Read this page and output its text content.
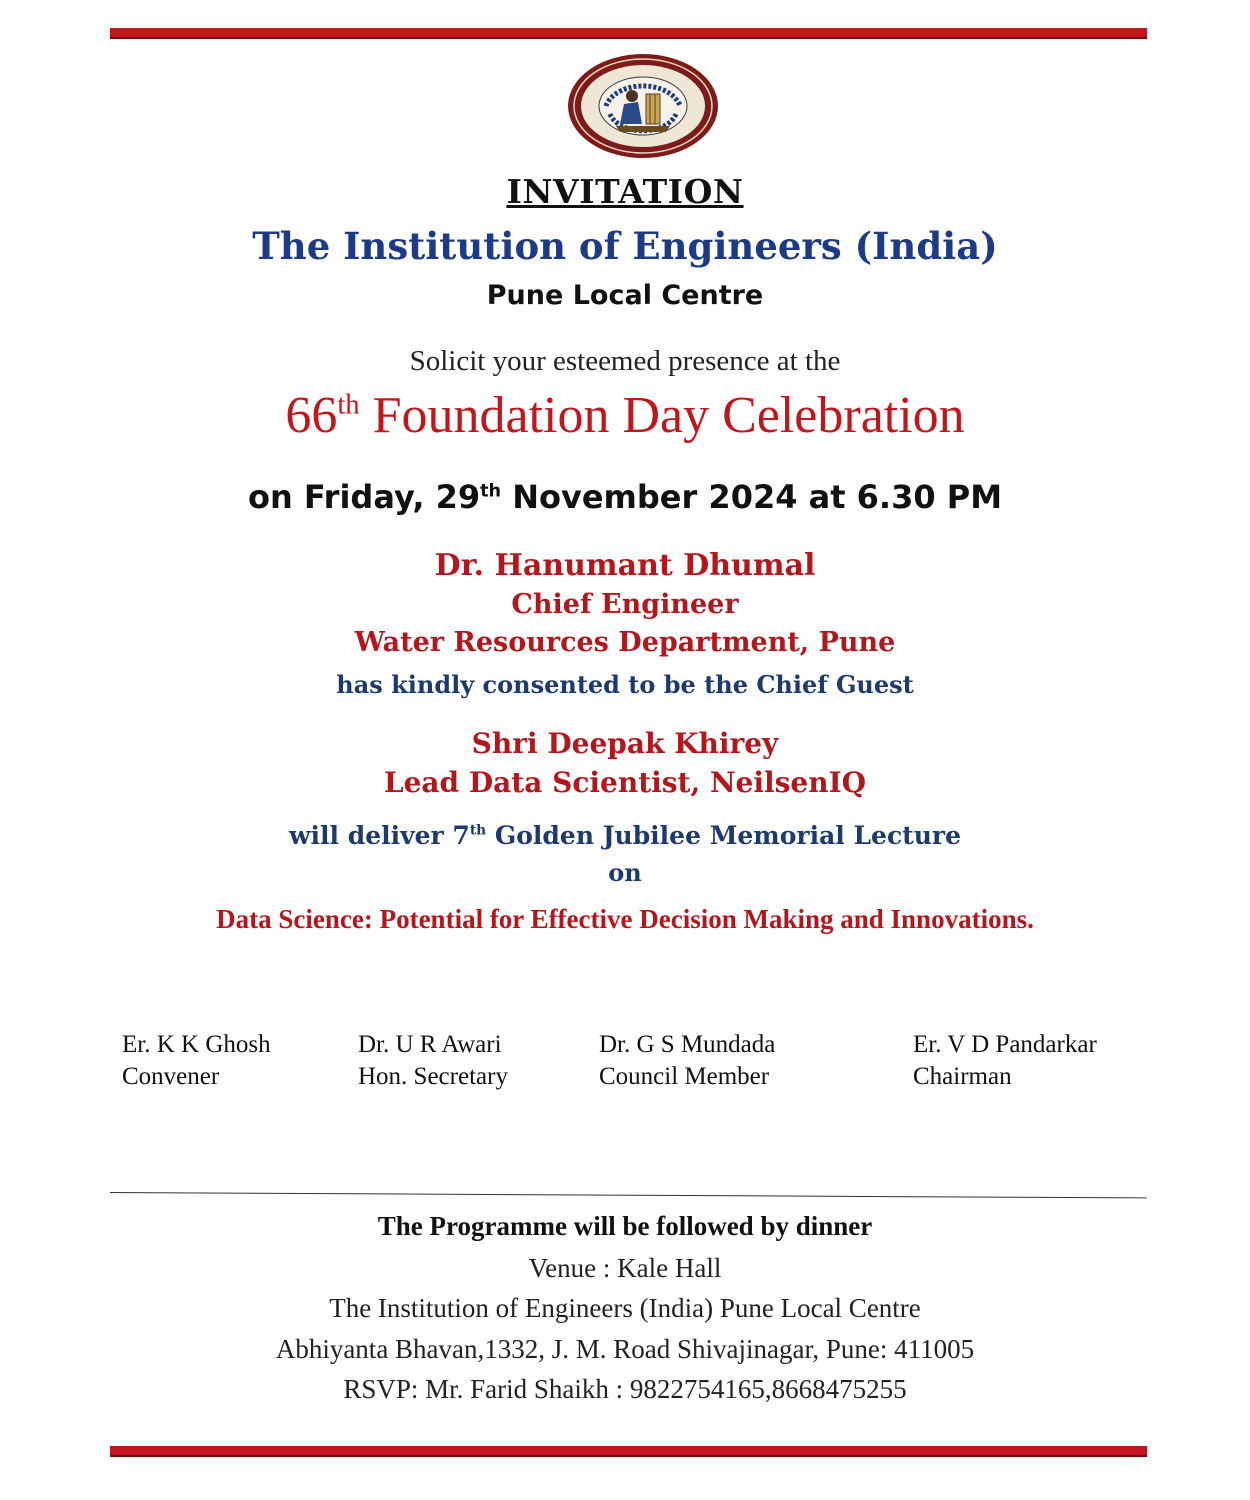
INVITATION
The Institution of Engineers (India)
Pune Local Centre
Solicit your esteemed presence at the
66th Foundation Day Celebration
on Friday, 29th November 2024 at 6.30 PM
Dr. Hanumant Dhumal
Chief Engineer
Water Resources Department, Pune
has kindly consented to be the Chief Guest
Shri Deepak Khirey
Lead Data Scientist, NeilsenIQ
will deliver 7th Golden Jubilee Memorial Lecture
on
Data Science: Potential for Effective Decision Making and Innovations.
Er. K K Ghosh
Convener
Dr. U R Awari
Hon. Secretary
Dr. G S Mundada
Council Member
Er. V D Pandarkar
Chairman
The Programme will be followed by dinner
Venue : Kale Hall
The Institution of Engineers (India) Pune Local Centre
Abhiyanta Bhavan,1332, J. M. Road Shivajinagar, Pune: 411005
RSVP: Mr. Farid Shaikh : 9822754165,8668475255
